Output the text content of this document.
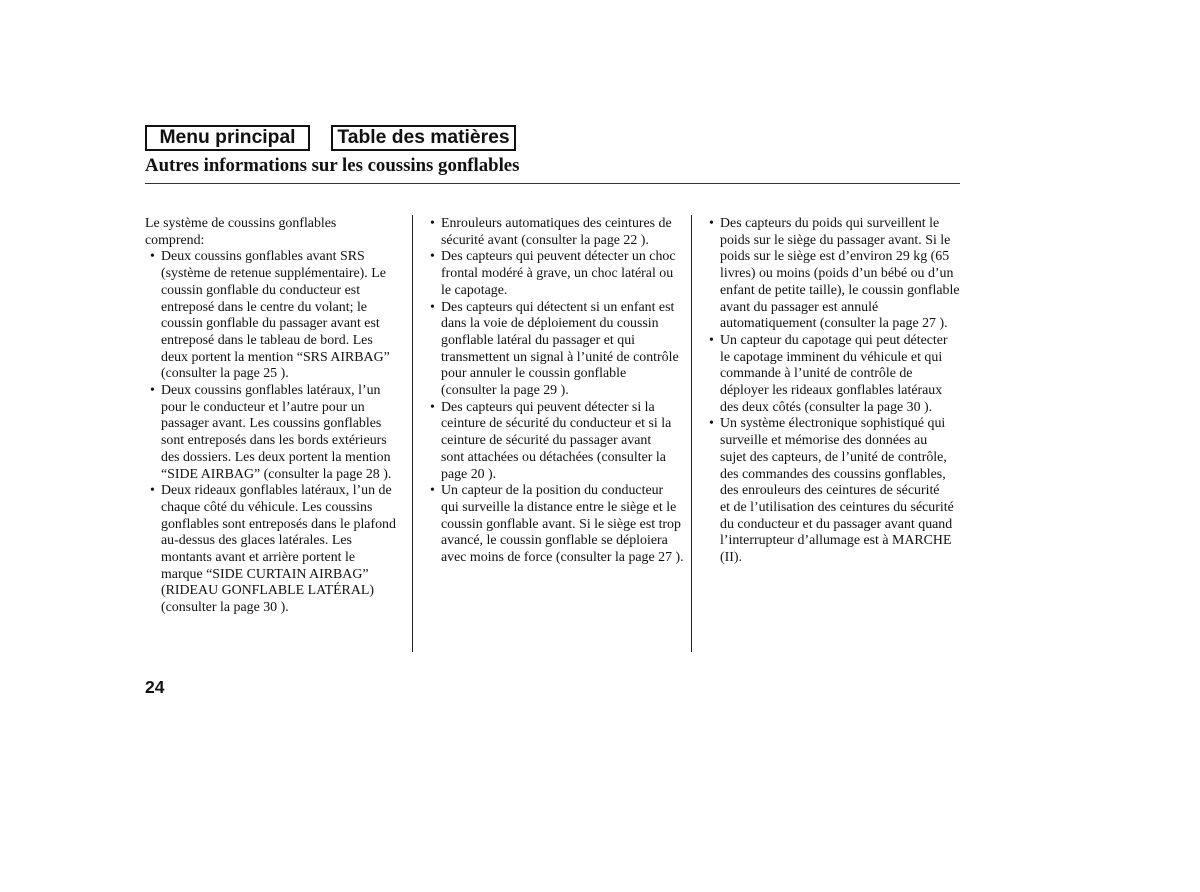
Menu principal	Table des matières
Autres informations sur les coussins gonflables
Le système de coussins gonflables
comprend:
• Deux coussins gonflables avant SRS
(système de retenue supplémentaire). Le
coussin gonflable du conducteur est
entreposé dans le centre du volant; le
coussin gonflable du passager avant est
entreposé dans le tableau de bord. Les
deux portent la mention “SRS AIRBAG”
(consulter la page 25 ).
• Deux coussins gonflables latéraux, l’un
pour le conducteur et l’autre pour un
passager avant. Les coussins gonflables
sont entreposés dans les bords extérieurs
des dossiers. Les deux portent la mention
“SIDE AIRBAG” (consulter la page 28 ).
• Deux rideaux gonflables latéraux, l’un de
chaque côté du véhicule. Les coussins
gonflables sont entreposés dans le plafond
au-dessus des glaces latérales. Les
montants avant et arrière portent le
marque “SIDE CURTAIN AIRBAG”
(RIDEAU GONFLABLE LATÉRAL)
(consulter la page 30 ).
• Enrouleurs automatiques des ceintures de
sécurité avant (consulter la page 22 ).
• Des capteurs qui peuvent détecter un choc
frontal modéré à grave, un choc latéral ou
le capotage.
• Des capteurs qui détectent si un enfant est
dans la voie de déploiement du coussin
gonflable latéral du passager et qui
transmettent un signal à l’unité de contrôle
pour annuler le coussin gonflable
(consulter la page 29 ).
• Des capteurs qui peuvent détecter si la
ceinture de sécurité du conducteur et si la
ceinture de sécurité du passager avant
sont attachées ou détachées (consulter la
page 20 ).
• Un capteur de la position du conducteur
qui surveille la distance entre le siège et le
coussin gonflable avant. Si le siège est trop
avancé, le coussin gonflable se déploiera
avec moins de force (consulter la page 27 ).
• Des capteurs du poids qui surveillent le
poids sur le siège du passager avant. Si le
poids sur le siège est d’environ 29 kg (65
livres) ou moins (poids d’un bébé ou d’un
enfant de petite taille), le coussin gonflable
avant du passager est annulé
automatiquement (consulter la page 27 ).
• Un capteur du capotage qui peut détecter
le capotage imminent du véhicule et qui
commande à l’unité de contrôle de
déployer les rideaux gonflables latéraux
des deux côtés (consulter la page 30 ).
• Un système électronique sophistiqué qui
surveille et mémorise des données au
sujet des capteurs, de l’unité de contrôle,
des commandes des coussins gonflables,
des enrouleurs des ceintures de sécurité
et de l’utilisation des ceintures du sécurité
du conducteur et du passager avant quand
l’interrupteur d’allumage est à MARCHE
(II).
24
